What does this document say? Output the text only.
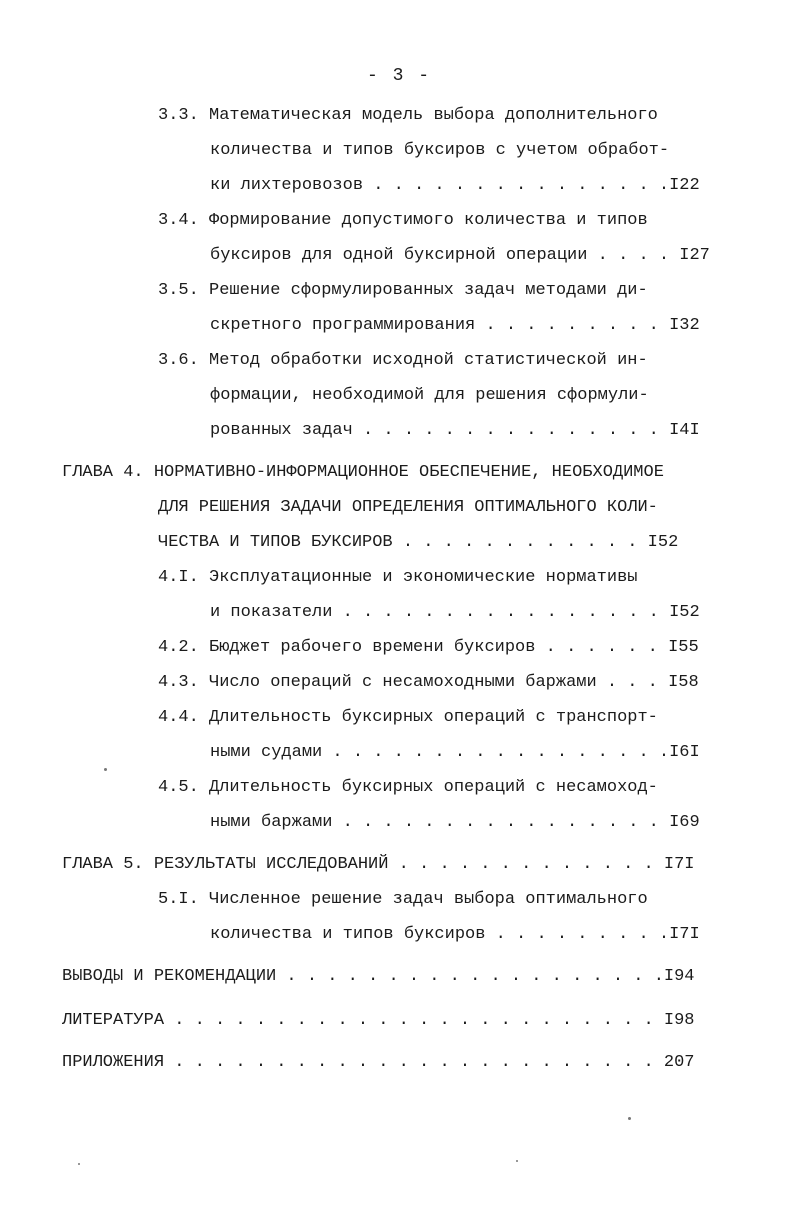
- 3 -
3.3. Математическая модель выбора дополнительного
количества и типов буксиров с учетом обработ-
ки лихтеровозов . . . . . . . . . . . . . . .I22
3.4. Формирование допустимого количества и типов
буксиров для одной буксирной операции . . . . I27
3.5. Решение сформулированных задач методами ди-
скретного программирования . . . . . . . . . I32
3.6. Метод обработки исходной статистической ин-
формации, необходимой для решения сформули-
рованных задач . . . . . . . . . . . . . . . I4I
ГЛАВА 4. НОРМАТИВНО-ИНФОРМАЦИОННОЕ ОБЕСПЕЧЕНИЕ, НЕОБХОДИМОЕ
ДЛЯ РЕШЕНИЯ ЗАДАЧИ ОПРЕДЕЛЕНИЯ ОПТИМАЛЬНОГО КОЛИ-
ЧЕСТВА И ТИПОВ БУКСИРОВ . . . . . . . . . . . . I52
4.I. Эксплуатационные и экономические нормативы
и показатели . . . . . . . . . . . . . . . . I52
4.2. Бюджет рабочего времени буксиров . . . . . . I55
4.3. Число операций с несамоходными баржами . . . I58
4.4. Длительность буксирных операций с транспорт-
ными судами . . . . . . . . . . . . . . . . .I6I
4.5. Длительность буксирных операций с несамоход-
ными баржами . . . . . . . . . . . . . . . . I69
ГЛАВА 5. РЕЗУЛЬТАТЫ ИССЛЕДОВАНИЙ . . . . . . . . . . . . . I7I
5.I. Численное решение задач выбора оптимального
количества и типов буксиров . . . . . . . . .I7I
ВЫВОДЫ И РЕКОМЕНДАЦИИ . . . . . . . . . . . . . . . . . . .I94
ЛИТЕРАТУРА . . . . . . . . . . . . . . . . . . . . . . . . I98
ПРИЛОЖЕНИЯ . . . . . . . . . . . . . . . . . . . . . . . . 207
